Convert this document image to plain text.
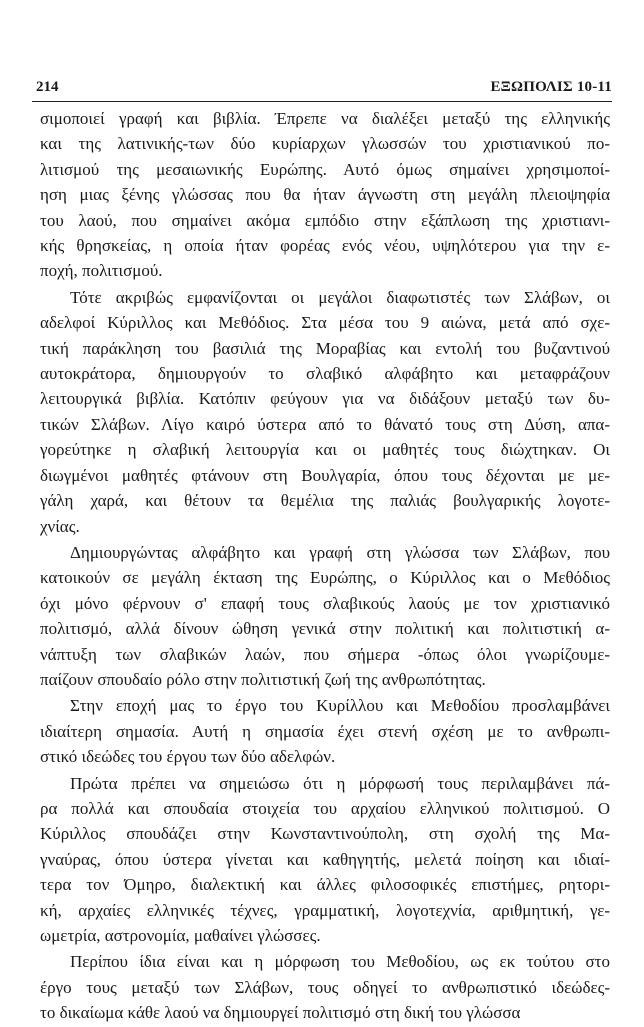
214	ΕΞΩΠΟΛΙΣ 10-11
σιμοποιεί γραφή και βιβλία. Έπρεπε να διαλέξει μεταξύ της ελληνικής
και της λατινικής-των δύο κυρίαρχων γλωσσών του χριστιανικού πο-
λιτισμού της μεσαιωνικής Ευρώπης. Αυτό όμως σημαίνει χρησιμοποί-
ηση μιας ξένης γλώσσας που θα ήταν άγνωστη στη μεγάλη πλειοψηφία
του λαού, που σημαίνει ακόμα εμπόδιο στην εξάπλωση της χριστιανι-
κής θρησκείας, η οποία ήταν φορέας ενός νέου, υψηλότερου για την ε-
ποχή, πολιτισμού.
Τότε ακριβώς εμφανίζονται οι μεγάλοι διαφωτιστές των Σλάβων, οι
αδελφοί Κύριλλος και Μεθόδιος. Στα μέσα του 9 αιώνα, μετά από σχε-
τική παράκληση του βασιλιά της Μοραβίας και εντολή του βυζαντινού
αυτοκράτορα, δημιουργούν το σλαβικό αλφάβητο και μεταφράζουν
λειτουργικά βιβλία. Κατόπιν φεύγουν για να διδάξουν μεταξύ των δυ-
τικών Σλάβων. Λίγο καιρό ύστερα από το θάνατό τους στη Δύση, απα-
γορεύτηκε η σλαβική λειτουργία και οι μαθητές τους διώχτηκαν. Οι
διωγμένοι μαθητές φτάνουν στη Βουλγαρία, όπου τους δέχονται με με-
γάλη χαρά, και θέτουν τα θεμέλια της παλιάς βουλγαρικής λογοτε-
χνίας.
Δημιουργώντας αλφάβητο και γραφή στη γλώσσα των Σλάβων, που
κατοικούν σε μεγάλη έκταση της Ευρώπης, ο Κύριλλος και ο Μεθόδιος
όχι μόνο φέρνουν σ' επαφή τους σλαβικούς λαούς με τον χριστιανικό
πολιτισμό, αλλά δίνουν ώθηση γενικά στην πολιτική και πολιτιστική α-
νάπτυξη των σλαβικών λαών, που σήμερα -όπως όλοι γνωρίζουμε-
παίζουν σπουδαίο ρόλο στην πολιτιστική ζωή της ανθρωπότητας.
Στην εποχή μας το έργο του Κυρίλλου και Μεθοδίου προσλαμβάνει
ιδιαίτερη σημασία. Αυτή η σημασία έχει στενή σχέση με το ανθρωπι-
στικό ιδεώδες του έργου των δύο αδελφών.
Πρώτα πρέπει να σημειώσω ότι η μόρφωσή τους περιλαμβάνει πά-
ρα πολλά και σπουδαία στοιχεία του αρχαίου ελληνικού πολιτισμού. Ο
Κύριλλος σπουδάζει στην Κωνσταντινούπολη, στη σχολή της Μα-
γναύρας, όπου ύστερα γίνεται και καθηγητής, μελετά ποίηση και ιδιαί-
τερα τον Όμηρο, διαλεκτική και άλλες φιλοσοφικές επιστήμες, ρητορι-
κή, αρχαίες ελληνικές τέχνες, γραμματική, λογοτεχνία, αριθμητική, γε-
ωμετρία, αστρονομία, μαθαίνει γλώσσες.
Περίπου ίδια είναι και η μόρφωση του Μεθοδίου, ως εκ τούτου στο
έργο τους μεταξύ των Σλάβων, τους οδηγεί το ανθρωπιστικό ιδεώδες-
το δικαίωμα κάθε λαού να δημιουργεί πολιτισμό στη δική του γλώσσα
